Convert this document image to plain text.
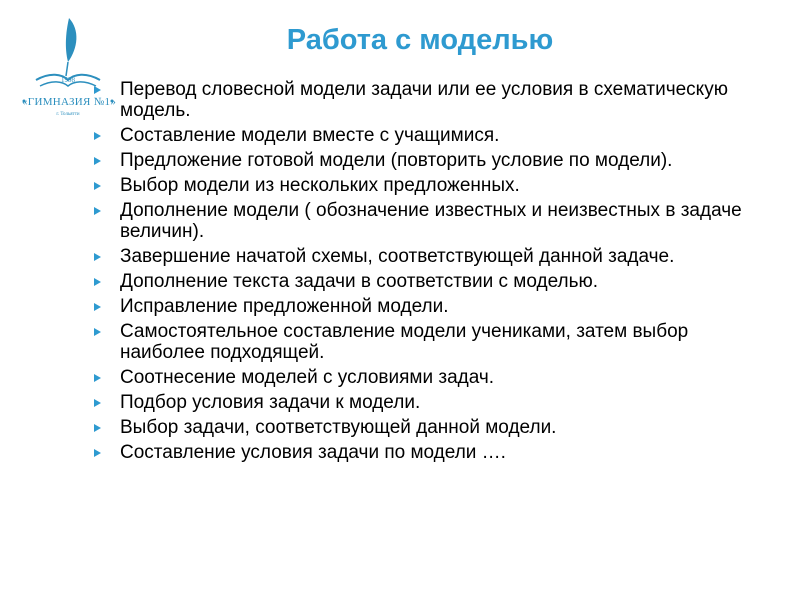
1998
«ГИМНАЗИЯ №1»
г. Тольятти
Работа с моделью
Перевод словесной модели задачи или ее условия в схематическую модель.
Составление модели вместе с учащимися.
Предложение готовой модели (повторить условие по модели).
Выбор модели из нескольких предложенных.
Дополнение модели ( обозначение известных и неизвестных в задаче величин).
Завершение начатой схемы, соответствующей данной задаче.
Дополнение текста задачи в соответствии с моделью.
Исправление предложенной модели.
Самостоятельное составление модели учениками, затем выбор наиболее подходящей.
Соотнесение моделей с условиями задач.
Подбор условия задачи к модели.
Выбор задачи, соответствующей данной модели.
Составление условия задачи по модели ….
